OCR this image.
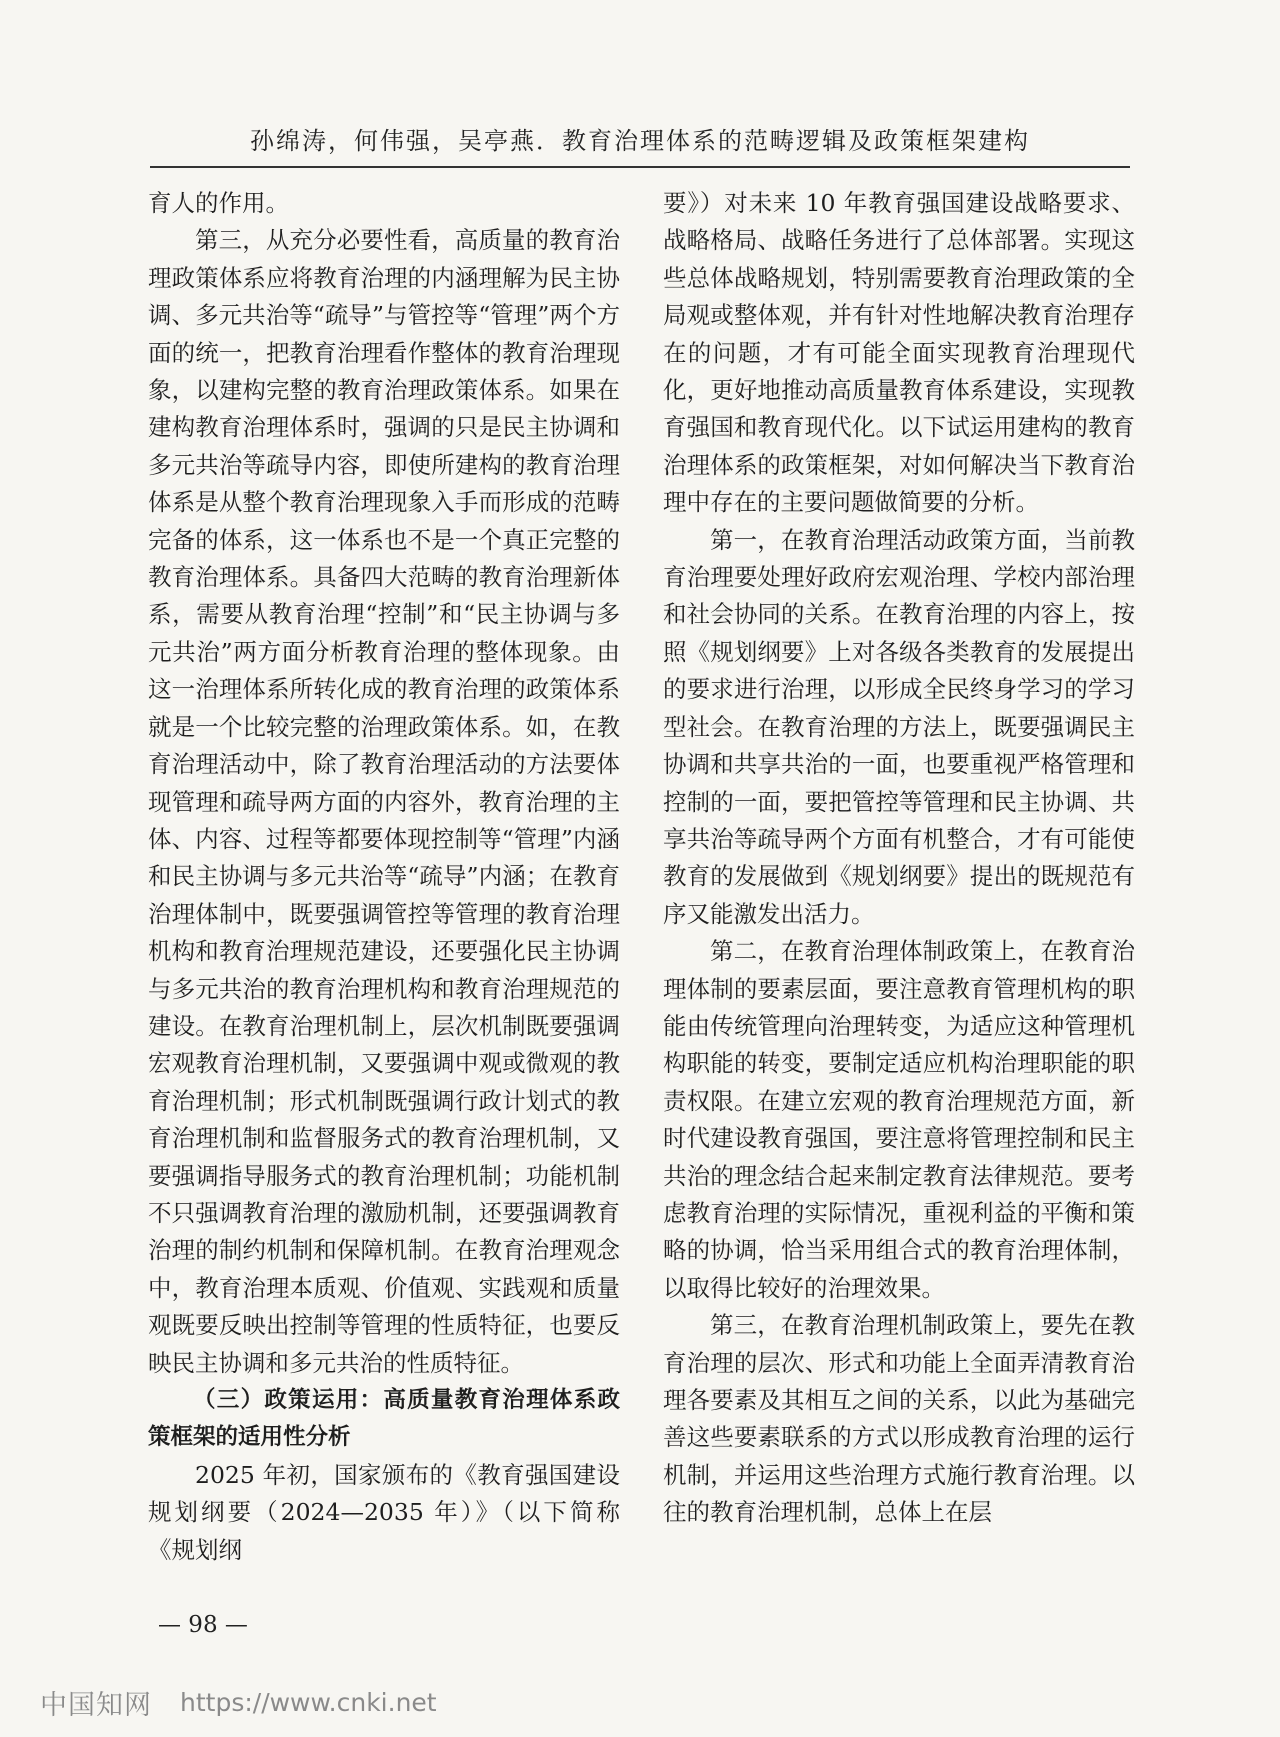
孙绵涛，何伟强，吴亭燕．教育治理体系的范畴逻辑及政策框架建构

育人的作用。

第三，从充分必要性看，高质量的教育治理政策体系应将教育治理的内涵理解为民主协调、多元共治等“疏导”与管控等“管理”两个方面的统一，把教育治理看作整体的教育治理现象，以建构完整的教育治理政策体系。如果在建构教育治理体系时，强调的只是民主协调和多元共治等疏导内容，即使所建构的教育治理体系是从整个教育治理现象入手而形成的范畴完备的体系，这一体系也不是一个真正完整的教育治理体系。具备四大范畴的教育治理新体系，需要从教育治理“控制”和“民主协调与多元共治”两方面分析教育治理的整体现象。由这一治理体系所转化成的教育治理的政策体系就是一个比较完整的治理政策体系。如，在教育治理活动中，除了教育治理活动的方法要体现管理和疏导两方面的内容外，教育治理的主体、内容、过程等都要体现控制等“管理”内涵和民主协调与多元共治等“疏导”内涵；在教育治理体制中，既要强调管控等管理的教育治理机构和教育治理规范建设，还要强化民主协调与多元共治的教育治理机构和教育治理规范的建设。在教育治理机制上，层次机制既要强调宏观教育治理机制，又要强调中观或微观的教育治理机制；形式机制既强调行政计划式的教育治理机制和监督服务式的教育治理机制，又要强调指导服务式的教育治理机制；功能机制不只强调教育治理的激励机制，还要强调教育治理的制约机制和保障机制。在教育治理观念中，教育治理本质观、价值观、实践观和质量观既要反映出控制等管理的性质特征，也要反映民主协调和多元共治的性质特征。

（三）政策运用：高质量教育治理体系政策框架的适用性分析

2025 年初，国家颁布的《教育强国建设规划纲要（2024—2035 年）》（以下简称《规划纲

要》）对未来 10 年教育强国建设战略要求、战略格局、战略任务进行了总体部署。实现这些总体战略规划，特别需要教育治理政策的全局观或整体观，并有针对性地解决教育治理存在的问题，才有可能全面实现教育治理现代化，更好地推动高质量教育体系建设，实现教育强国和教育现代化。以下试运用建构的教育治理体系的政策框架，对如何解决当下教育治理中存在的主要问题做简要的分析。

第一，在教育治理活动政策方面，当前教育治理要处理好政府宏观治理、学校内部治理和社会协同的关系。在教育治理的内容上，按照《规划纲要》上对各级各类教育的发展提出的要求进行治理，以形成全民终身学习的学习型社会。在教育治理的方法上，既要强调民主协调和共享共治的一面，也要重视严格管理和控制的一面，要把管控等管理和民主协调、共享共治等疏导两个方面有机整合，才有可能使教育的发展做到《规划纲要》提出的既规范有序又能激发出活力。

第二，在教育治理体制政策上，在教育治理体制的要素层面，要注意教育管理机构的职能由传统管理向治理转变，为适应这种管理机构职能的转变，要制定适应机构治理职能的职责权限。在建立宏观的教育治理规范方面，新时代建设教育强国，要注意将管理控制和民主共治的理念结合起来制定教育法律规范。要考虑教育治理的实际情况，重视利益的平衡和策略的协调，恰当采用组合式的教育治理体制，以取得比较好的治理效果。

第三，在教育治理机制政策上，要先在教育治理的层次、形式和功能上全面弄清教育治理各要素及其相互之间的关系，以此为基础完善这些要素联系的方式以形成教育治理的运行机制，并运用这些治理方式施行教育治理。以往的教育治理机制，总体上在层

— 98 —
中国知网 https://www.cnki.net
